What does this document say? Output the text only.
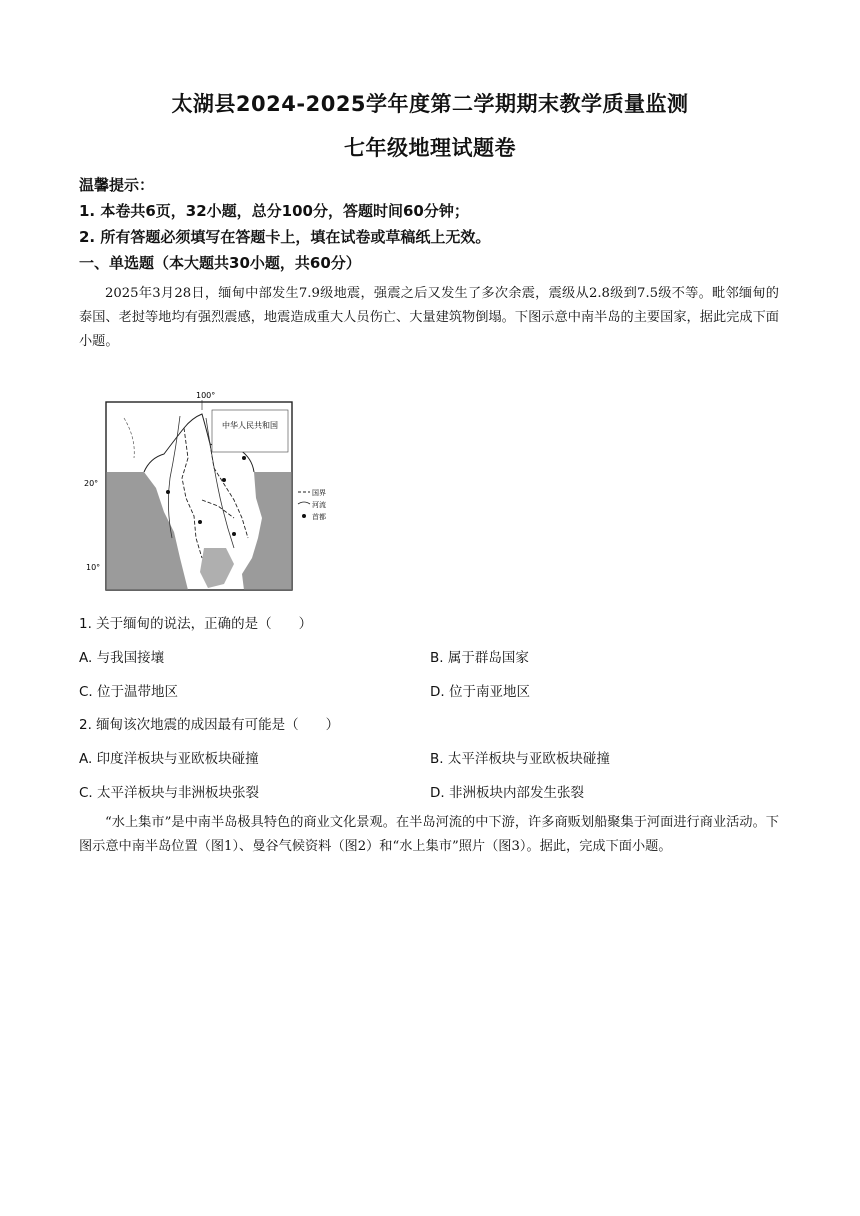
太湖县2024-2025学年度第二学期期末教学质量监测
七年级地理试题卷
温馨提示：
1. 本卷共6页，32小题，总分100分，答题时间60分钟；
2. 所有答题必须填写在答题卡上，填在试卷或草稿纸上无效。
一、单选题（本大题共30小题，共60分）
2025年3月28日，缅甸中部发生7.9级地震，强震之后又发生了多次余震，震级从2.8级到7.5级不等。毗邻缅甸的泰国、老挝等地均有强烈震感，地震造成重大人员伤亡、大量建筑物倒塌。下图示意中南半岛的主要国家，据此完成下面小题。
中华人民共和国
100°
20°
10°
国界
河流
首都
1. 关于缅甸的说法，正确的是（　　）
A. 与我国接壤	B. 属于群岛国家
C. 位于温带地区	D. 位于南亚地区
2. 缅甸该次地震的成因最有可能是（　　）
A. 印度洋板块与亚欧板块碰撞	B. 太平洋板块与亚欧板块碰撞
C. 太平洋板块与非洲板块张裂	D. 非洲板块内部发生张裂
“水上集市”是中南半岛极具特色的商业文化景观。在半岛河流的中下游，许多商贩划船聚集于河面进行商业活动。下图示意中南半岛位置（图1）、曼谷气候资料（图2）和“水上集市”照片（图3）。据此，完成下面小题。
